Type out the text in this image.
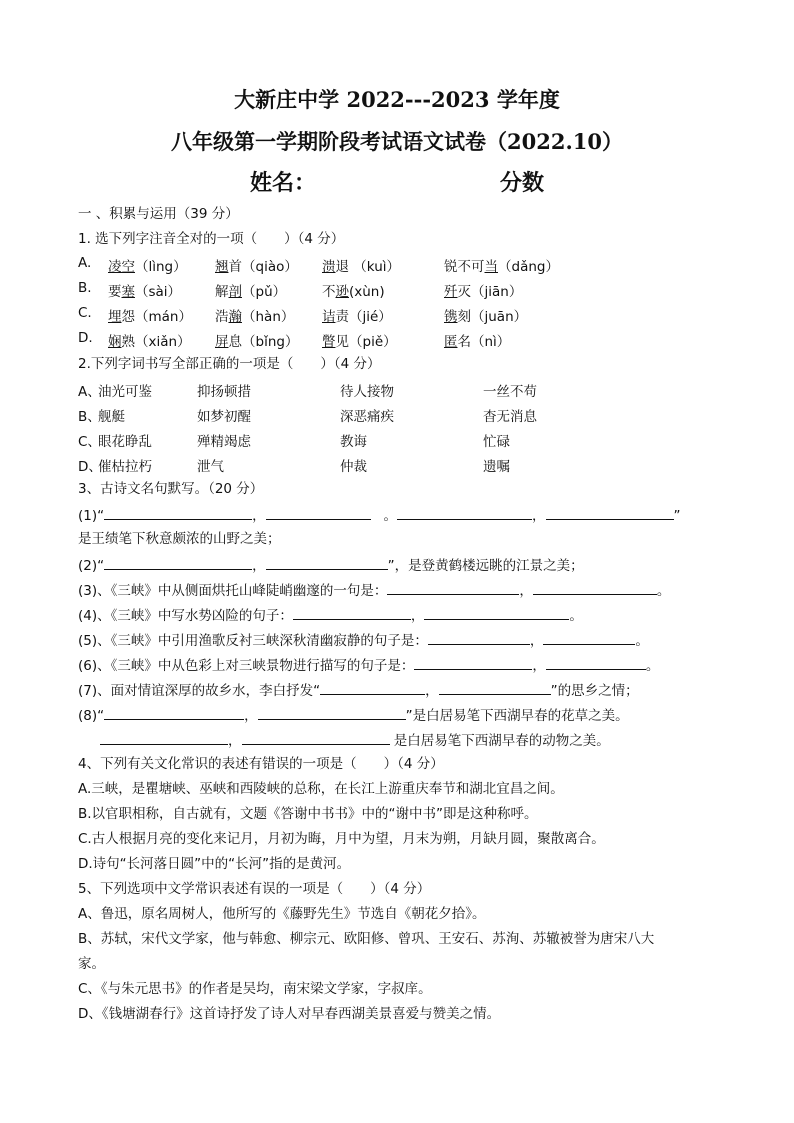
大新庄中学 2022---2023 学年度
八年级第一学期阶段考试语文试卷（2022.10）
姓名：	分数
一 、积累与运用（39 分）
1. 选下列字注音全对的一项（　　）（4 分）
A. 凌空（lìng） 翘首（qiào） 溃退 （kuì）	锐不可当（dǎng）
B. 要塞（sài）	解剖（pǔ）	不逊(xùn)	歼灭（jiān）
C. 埋怨（mán） 浩瀚（hàn） 诘责（jié）	镌刻（juān）
D. 娴熟（xiǎn） 屏息（bǐng） 瞥见（piě）	匿名（nì）
2.下列字词书写全部正确的一项是（　　）（4 分）
A、
油光可鉴	抑扬顿措	待人接物	一丝不苟
B、
舰艇	如梦初醒	深恶痛疾	杳无消息
C、
眼花睁乱	殚精竭虑	教诲	忙碌
D、
催枯拉朽	泄气	仲裁	遗嘱
3、古诗文名句默写。（20 分）
(1)“	，	。	，	”
是王绩笔下秋意颇浓的山野之美；
(2)“	，	”，是登黄鹤楼远眺的江景之美；
(3)、《三峡》中从侧面烘托山峰陡峭幽邃的一句是：	，	。
(4)、《三峡》中写水势凶险的句子：	，	。
(5)、《三峡》中引用渔歌反衬三峡深秋清幽寂静的句子是：	，	。
(6)、《三峡》中从色彩上对三峡景物进行描写的句子是：	，	。
(7)、面对情谊深厚的故乡水，李白抒发“	，	”的思乡之情；
(8)“	，	”是白居易笔下西湖早春的花草之美。
，	是白居易笔下西湖早春的动物之美。
4、下列有关文化常识的表述有错误的一项是（　　）（4 分）
A.三峡，是瞿塘峡、巫峡和西陵峡的总称，在长江上游重庆奉节和湖北宜昌之间。
B.以官职相称，自古就有，文题《答谢中书书》中的“谢中书”即是这种称呼。
C.古人根据月亮的变化来记月，月初为晦，月中为望，月末为朔，月缺月圆，聚散离合。
D.诗句“长河落日圆”中的“长河”指的是黄河。
5、下列选项中文学常识表述有误的一项是（　　）（4 分）
A、鲁迅，原名周树人，他所写的《藤野先生》节选自《朝花夕拾》。
B、苏轼，宋代文学家，他与韩愈、柳宗元、欧阳修、曾巩、王安石、苏洵、苏辙被誉为唐宋八大
家。
C、《与朱元思书》的作者是吴均，南宋梁文学家，字叔庠。
D、《钱塘湖春行》这首诗抒发了诗人对早春西湖美景喜爱与赞美之情。
